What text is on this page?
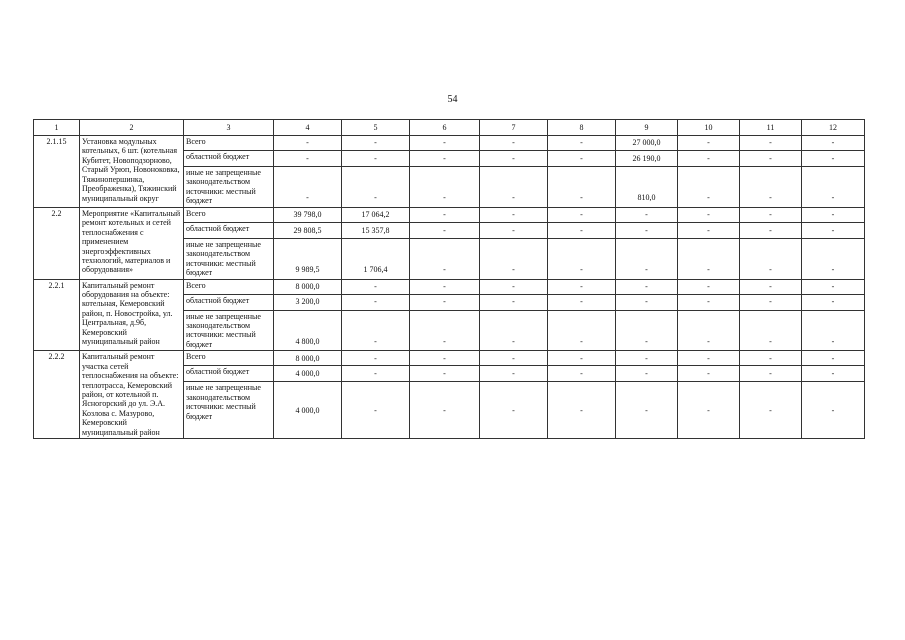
54
1	2	3	4	5	6	7	8	9	10	11	12
2.1.15	Установка модульных котельных, 6 шт. (котельная Кубитет, Новоподзорново, Старый Урюп, Новоноковка, Тяжинопершинка, Преображенка), Тяжинский муниципальный округ	Всего	-	-	-	-	-	27 000,0	-	-	-
		областной бюджет	-	-	-	-	-	26 190,0	-	-	-
		иные не запрещенные законодательством источники: местный бюджет	-	-	-	-	-	810,0	-	-	-
2.2	Мероприятие «Капитальный ремонт котельных и сетей теплоснабжения с применением энергоэффективных технологий, материалов и оборудования»	Всего	39 798,0	17 064,2	-	-	-	-	-	-	-
		областной бюджет	29 808,5	15 357,8	-	-	-	-	-	-	-
		иные не запрещенные законодательством источники: местный бюджет	9 989,5	1 706,4	-	-	-	-	-	-	-
2.2.1	Капитальный ремонт оборудования на объекте: котельная, Кемеровский район, п. Новостройка, ул. Центральная, д.9б, Кемеровский муниципальный район	Всего	8 000,0	-	-	-	-	-	-	-	-
		областной бюджет	3 200,0	-	-	-	-	-	-	-	-
		иные не запрещенные законодательством источники: местный бюджет	4 800,0	-	-	-	-	-	-	-	-
2.2.2	Капитальный ремонт участка сетей теплоснабжения на объекте: теплотрасса, Кемеровский район, от котельной п. Ясногорский до ул. Э.А. Козлова с. Мазурово, Кемеровский муниципальный район	Всего	8 000,0	-	-	-	-	-	-	-	-
		областной бюджет	4 000,0	-	-	-	-	-	-	-	-
		иные не запрещенные законодательством источники: местный бюджет	4 000,0	-	-	-	-	-	-	-	-
